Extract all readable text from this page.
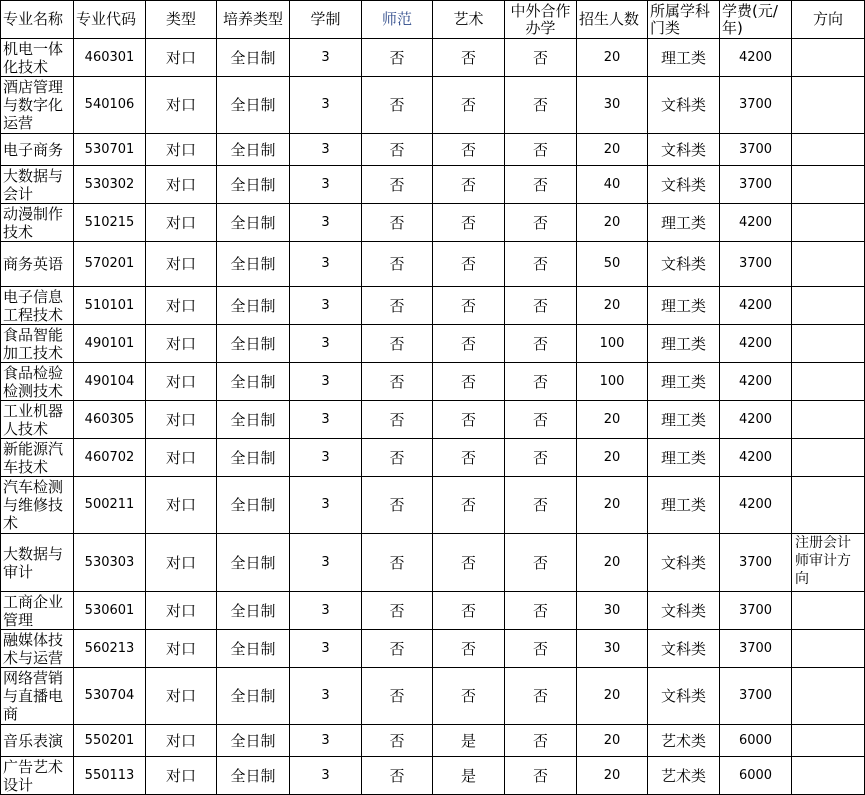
专业名称	专业代码	类型	培养类型	学制	师范	艺术	中外合作办学	招生人数	所属学科门类	学费(元/年)	方向
机电一体化技术	460301	对口	全日制	3	否	否	否	20	理工类	4200	
酒店管理与数字化运营	540106	对口	全日制	3	否	否	否	30	文科类	3700	
电子商务	530701	对口	全日制	3	否	否	否	20	文科类	3700	
大数据与会计	530302	对口	全日制	3	否	否	否	40	文科类	3700	
动漫制作技术	510215	对口	全日制	3	否	否	否	20	理工类	4200	
商务英语	570201	对口	全日制	3	否	否	否	50	文科类	3700	
电子信息工程技术	510101	对口	全日制	3	否	否	否	20	理工类	4200	
食品智能加工技术	490101	对口	全日制	3	否	否	否	100	理工类	4200	
食品检验检测技术	490104	对口	全日制	3	否	否	否	100	理工类	4200	
工业机器人技术	460305	对口	全日制	3	否	否	否	20	理工类	4200	
新能源汽车技术	460702	对口	全日制	3	否	否	否	20	理工类	4200	
汽车检测与维修技术	500211	对口	全日制	3	否	否	否	20	理工类	4200	
大数据与审计	530303	对口	全日制	3	否	否	否	20	文科类	3700	注册会计师审计方向
工商企业管理	530601	对口	全日制	3	否	否	否	30	文科类	3700	
融媒体技术与运营	560213	对口	全日制	3	否	否	否	30	文科类	3700	
网络营销与直播电商	530704	对口	全日制	3	否	否	否	20	文科类	3700	
音乐表演	550201	对口	全日制	3	否	是	否	20	艺术类	6000	
广告艺术设计	550113	对口	全日制	3	否	是	否	20	艺术类	6000	
